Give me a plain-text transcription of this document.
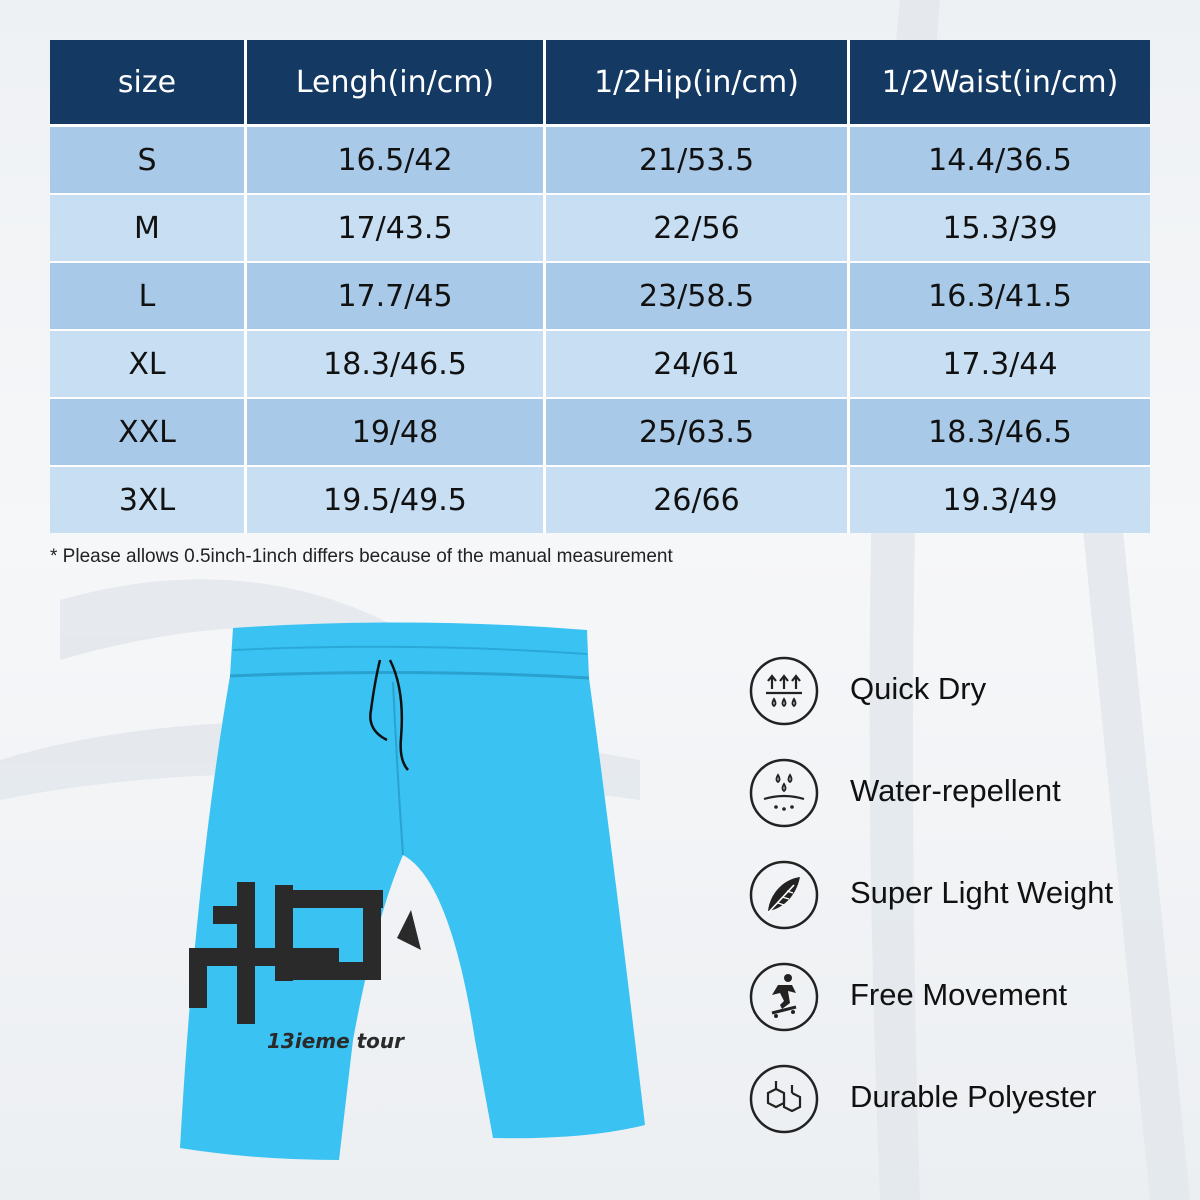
size	Lengh(in/cm)	1/2Hip(in/cm)	1/2Waist(in/cm)
S	16.5/42	21/53.5	14.4/36.5
M	17/43.5	22/56	15.3/39
L	17.7/45	23/58.5	16.3/41.5
XL	18.3/46.5	24/61	17.3/44
XXL	19/48	25/63.5	18.3/46.5
3XL	19.5/49.5	26/66	19.3/49
* Please allows 0.5inch-1inch differs because of the manual measurement
13ieme tour
Quick Dry
Water-repellent
Super Light Weight
Free Movement
Durable Polyester
